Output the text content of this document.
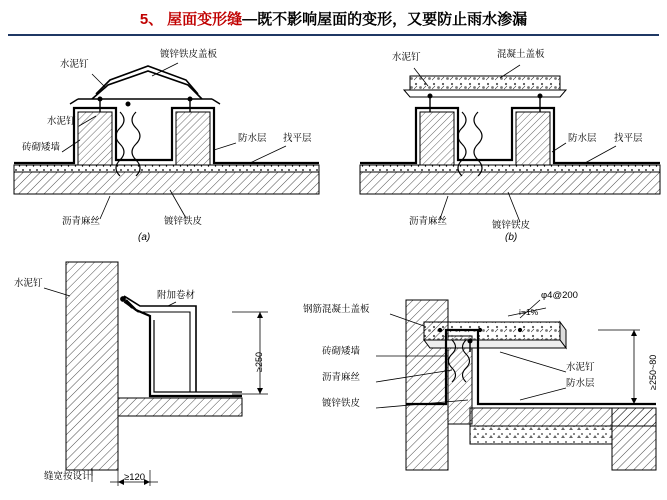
5、 屋面变形缝—既不影响屋面的变形，又要防止雨水渗漏
水泥钉
镀锌铁皮盖板
水泥钉
砖砌矮墙
防水层 找平层
沥青麻丝	镀锌铁皮
(a)
水泥钉	混凝土盖板
防水层 找平层
沥青麻丝	镀锌铁皮
(b)
水泥钉
附加卷材
≥250
缝宽按设计	≥120
钢筋混凝土盖板
φ4@200
i=1%
砖砌矮墙
沥青麻丝
镀锌铁皮
水泥钉
防水层	≥250~80
